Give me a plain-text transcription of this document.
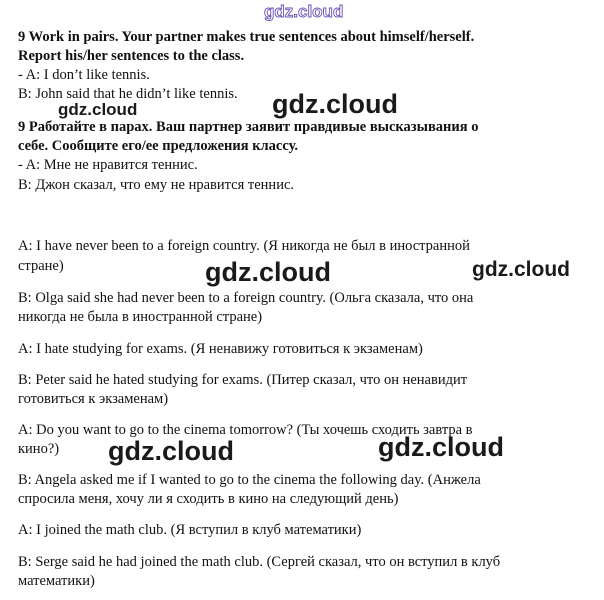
gdz.cloud
9 Work in pairs. Your partner makes true sentences about himself/herself.
Report his/her sentences to the class.
- A: I don’t like tennis.
B: John said that he didn’t like tennis.
gdz.cloud	gdz.cloud
9 Работайте в парах. Ваш партнер заявит правдивые высказывания о
себе. Сообщите его/ее предложения классу.
- A: Мне не нравится теннис.
B: Джон сказал, что ему не нравится теннис.
A: I have never been to a foreign country. (Я никогда не был в иностранной
стране)	gdz.cloud	gdz.cloud
B: Olga said she had never been to a foreign country. (Ольга сказала, что она
никогда не была в иностранной стране)
A: I hate studying for exams. (Я ненавижу готовиться к экзаменам)
B: Peter said he hated studying for exams. (Питер сказал, что он ненавидит
готовиться к экзаменам)
A: Do you want to go to the cinema tomorrow? (Ты хочешь сходить завтра в
кино?) gdz.cloud	gdz.cloud
B: Angela asked me if I wanted to go to the cinema the following day. (Анжела
спросила меня, хочу ли я сходить в кино на следующий день)
A: I joined the math club. (Я вступил в клуб математики)
B: Serge said he had joined the math club. (Сергей сказал, что он вступил в клуб
математики)
